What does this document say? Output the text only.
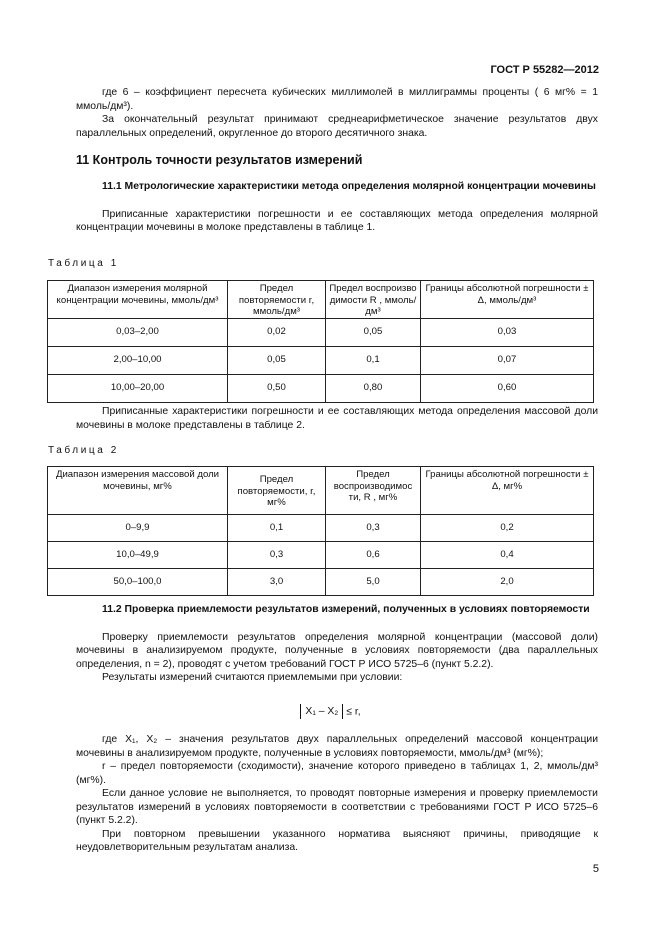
ГОСТ Р 55282—2012

где 6 – коэффициент пересчета кубических миллимолей в миллиграммы проценты ( 6 мг% = 1 ммоль/дм³).

За окончательный результат принимают среднеарифметическое значение результатов двух параллельных определений, округленное до второго десятичного знака.

11 Контроль точности результатов измерений

11.1 Метрологические характеристики метода определения молярной концентрации мочевины

Приписанные характеристики погрешности и ее составляющих метода определения молярной концентрации мочевины в молоке представлены в таблице 1.

Таблица 1
Диапазон измерения молярной концентрации мочевины, ммоль/дм³	Предел повторяемости r, ммоль/дм³	Предел воспроизво димости R , ммоль/дм³	Границы абсолютной погрешности ± Δ, ммоль/дм³
0,03–2,00	0,02	0,05	0,03
2,00–10,00	0,05	0,1	0,07
10,00–20,00	0,50	0,80	0,60

Приписанные характеристики погрешности и ее составляющих метода определения массовой доли мочевины в молоке представлены в таблице 2.

Таблица 2
Диапазон измерения массовой доли мочевины, мг%	Предел повторяемости, r, мг%	Предел воспроизводимос ти, R , мг%	Границы абсолютной погрешности ± Δ, мг%
0–9,9	0,1	0,3	0,2
10,0–49,9	0,3	0,6	0,4
50,0–100,0	3,0	5,0	2,0

11.2 Проверка приемлемости результатов измерений, полученных в условиях повторяемости

Проверку приемлемости результатов определения молярной концентрации (массовой доли) мочевины в анализируемом продукте, полученные в условиях повторяемости (два параллельных определения, n = 2), проводят с учетом требований ГОСТ Р ИСО 5725–6 (пункт 5.2.2).

Результаты измерений считаются приемлемыми при условии:

X₁ – X₂ ≤ r,

где X₁, X₂ – значения результатов двух параллельных определений массовой концентрации мочевины в анализируемом продукте, полученные в условиях повторяемости, ммоль/дм³ (мг%);

r – предел повторяемости (сходимости), значение которого приведено в таблицах 1, 2, ммоль/дм³ (мг%).

Если данное условие не выполняется, то проводят повторные измерения и проверку приемлемости результатов измерений в условиях повторяемости в соответствии с требованиями ГОСТ Р ИСО 5725–6 (пункт 5.2.2).

При повторном превышении указанного норматива выясняют причины, приводящие к неудовлетворительным результатам анализа.

5
